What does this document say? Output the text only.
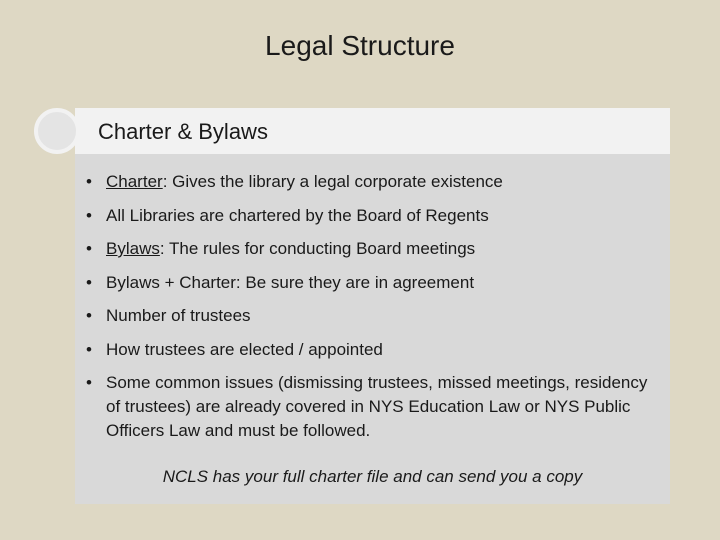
Legal Structure
Charter & Bylaws
• Charter: Gives the library a legal corporate existence
• All Libraries are chartered by the Board of Regents
• Bylaws: The rules for conducting Board meetings
• Bylaws + Charter: Be sure they are in agreement
• Number of trustees
• How trustees are elected / appointed
• Some common issues (dismissing trustees, missed meetings, residency of trustees) are already covered in NYS Education Law or NYS Public Officers Law and must be followed.
NCLS has your full charter file and can send you a copy
